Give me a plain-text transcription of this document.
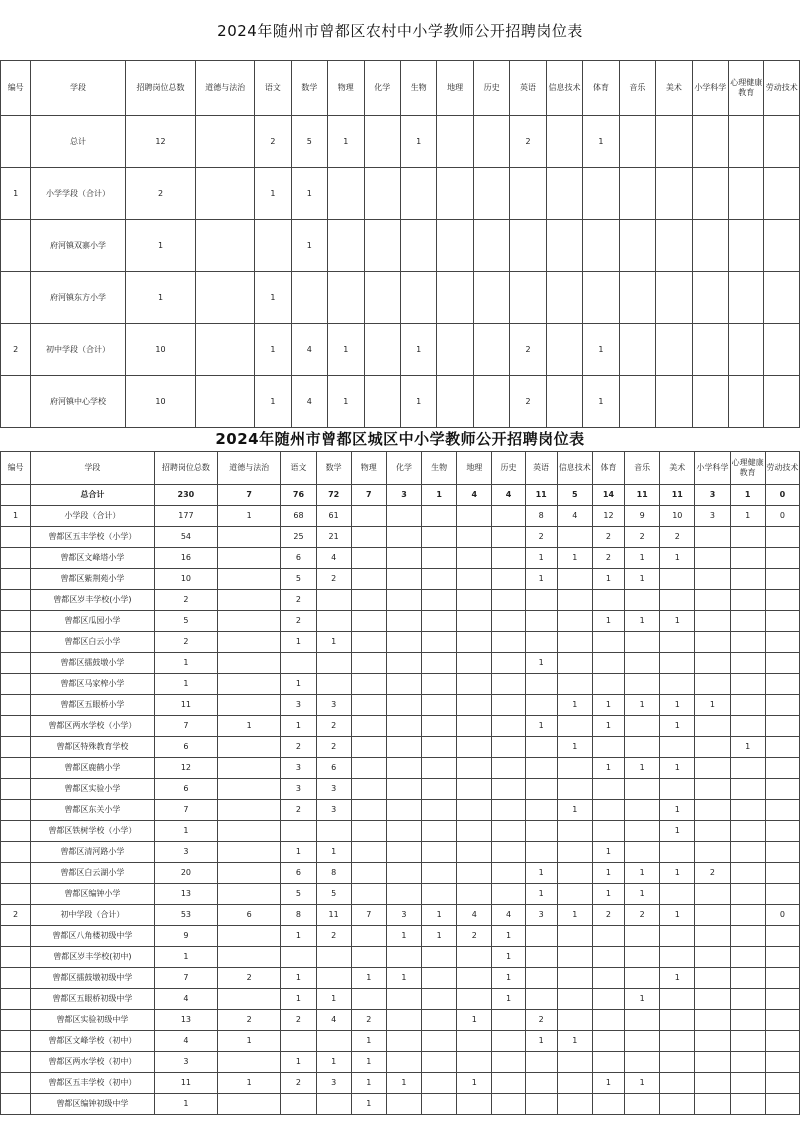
2024年随州市曾都区农村中小学教师公开招聘岗位表
编号	学段	招聘岗位总数	道德与法治	语文	数学	物理	化学	生物	地理	历史	英语	信息技术	体育	音乐	美术	小学科学	心理健康教育	劳动技术
	总计	12		2	5	1		1			2		1					
1	小学学段（合计）	2		1	1													
	府河镇双寨小学	1			1													
	府河镇东方小学	1		1														
2	初中学段（合计）	10		1	4	1		1			2		1					
	府河镇中心学校	10		1	4	1		1			2		1					
2024年随州市曾都区城区中小学教师公开招聘岗位表
编号	学段	招聘岗位总数	道德与法治	语文	数学	物理	化学	生物	地理	历史	英语	信息技术	体育	音乐	美术	小学科学	心理健康教育	劳动技术
	总合计	230	7	76	72	7	3	1	4	4	11	5	14	11	11	3	1	0
1	小学段（合计）	177	1	68	61						8	4	12	9	10	3	1	0
	曾都区五丰学校（小学）	54		25	21						2		2	2	2			
	曾都区文峰塔小学	16		6	4						1	1	2	1	1			
	曾都区紫荆苑小学	10		5	2						1		1	1				
	曾都区岁丰学校(小学)	2		2														
	曾都区瓜园小学	5		2									1	1	1			
	曾都区白云小学	2		1	1													
	曾都区擂鼓墩小学	1									1							
	曾都区马家榨小学	1		1														
	曾都区五眼桥小学	11		3	3							1	1	1	1	1		
	曾都区两水学校（小学）	7	1	1	2						1		1		1			
	曾都区特殊教育学校	6		2	2							1					1	
	曾都区鹿鹤小学	12		3	6								1	1	1			
	曾都区实验小学	6		3	3													
	曾都区东关小学	7		2	3							1			1			
	曾都区铁树学校（小学）	1													1			
	曾都区清河路小学	3		1	1								1					
	曾都区白云湖小学	20		6	8						1		1	1	1	2		
	曾都区编钟小学	13		5	5						1		1	1				
2	初中学段（合计）	53	6	8	11	7	3	1	4	4	3	1	2	2	1			0
	曾都区八角楼初级中学	9		1	2		1	1	2	1								
	曾都区岁丰学校(初中)	1								1								
	曾都区擂鼓墩初级中学	7	2	1		1	1			1					1			
	曾都区五眼桥初级中学	4		1	1					1				1				
	曾都区实验初级中学	13	2	2	4	2			1		2							
	曾都区文峰学校（初中）	4	1			1					1	1						
	曾都区两水学校（初中）	3		1	1	1												
	曾都区五丰学校（初中）	11	1	2	3	1	1		1				1	1				
	曾都区编钟初级中学	1				1												
